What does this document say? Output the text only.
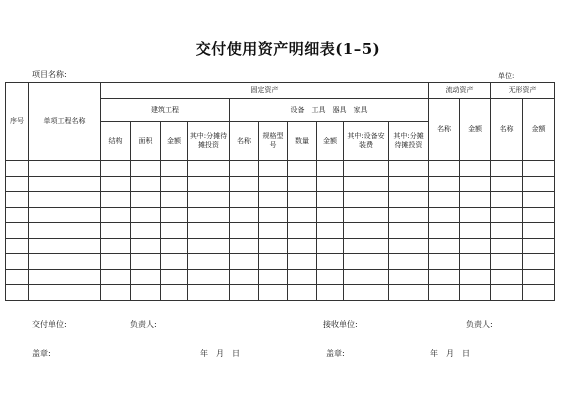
交付使用资产明细表(1–5)
项目名称:	单位:
序号	单项工程名称	固定资产										流动资产		无形资产	
		建筑工程				设备　工具　器具　家具						名称	金额	名称	金额
		结构	面积	金额	其中:分摊待摊投资	名称	规格型号	数量	金额	其中:设备安装费	其中:分摊待摊投资				

交付单位:	负责人:	接收单位:	负责人:
盖章:	年　月　日	盖章:	年　月　日
